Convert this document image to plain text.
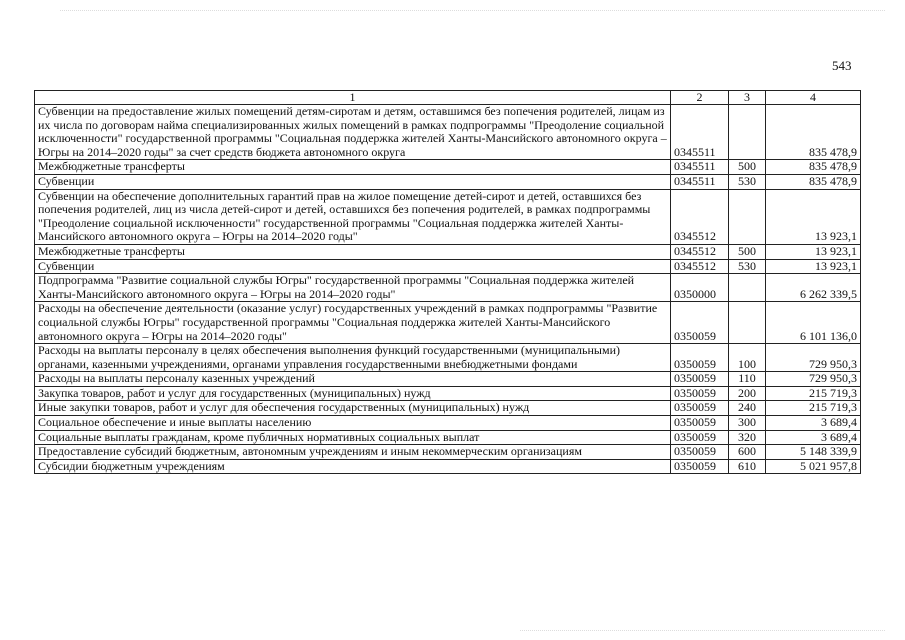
543
1	2	3	4
Субвенции на предоставление жилых помещений детям-сиротам и детям, оставшимся без попечения родителей, лицам из их числа по договорам найма специализированных жилых помещений в рамках подпрограммы "Преодоление социальной исключенности" государственной программы "Социальная поддержка жителей Ханты-Мансийского автономного округа – Югры на 2014–2020 годы" за счет средств бюджета автономного округа	0345511		835 478,9
Межбюджетные трансферты	0345511	500	835 478,9
Субвенции	0345511	530	835 478,9
Субвенции на обеспечение дополнительных гарантий прав на жилое помещение детей-сирот и детей, оставшихся без попечения родителей, лиц из числа детей-сирот и детей, оставшихся без попечения родителей, в рамках подпрограммы "Преодоление социальной исключенности" государственной программы "Социальная поддержка жителей Ханты-Мансийского автономного округа – Югры на 2014–2020 годы"	0345512		13 923,1
Межбюджетные трансферты	0345512	500	13 923,1
Субвенции	0345512	530	13 923,1
Подпрограмма "Развитие социальной службы Югры" государственной программы "Социальная поддержка жителей Ханты-Мансийского автономного округа – Югры на 2014–2020 годы"	0350000		6 262 339,5
Расходы на обеспечение деятельности (оказание услуг) государственных учреждений в рамках подпрограммы "Развитие социальной службы Югры" государственной программы "Социальная поддержка жителей Ханты-Мансийского автономного округа – Югры на 2014–2020 годы"	0350059		6 101 136,0
Расходы на выплаты персоналу в целях обеспечения выполнения функций государственными (муниципальными) органами, казенными учреждениями, органами управления государственными внебюджетными фондами	0350059	100	729 950,3
Расходы на выплаты персоналу казенных учреждений	0350059	110	729 950,3
Закупка товаров, работ и услуг для государственных (муниципальных) нужд	0350059	200	215 719,3
Иные закупки товаров, работ и услуг для обеспечения государственных (муниципальных) нужд	0350059	240	215 719,3
Социальное обеспечение и иные выплаты населению	0350059	300	3 689,4
Социальные выплаты гражданам, кроме публичных нормативных социальных выплат	0350059	320	3 689,4
Предоставление субсидий бюджетным, автономным учреждениям и иным некоммерческим организациям	0350059	600	5 148 339,9
Субсидии бюджетным учреждениям	0350059	610	5 021 957,8
